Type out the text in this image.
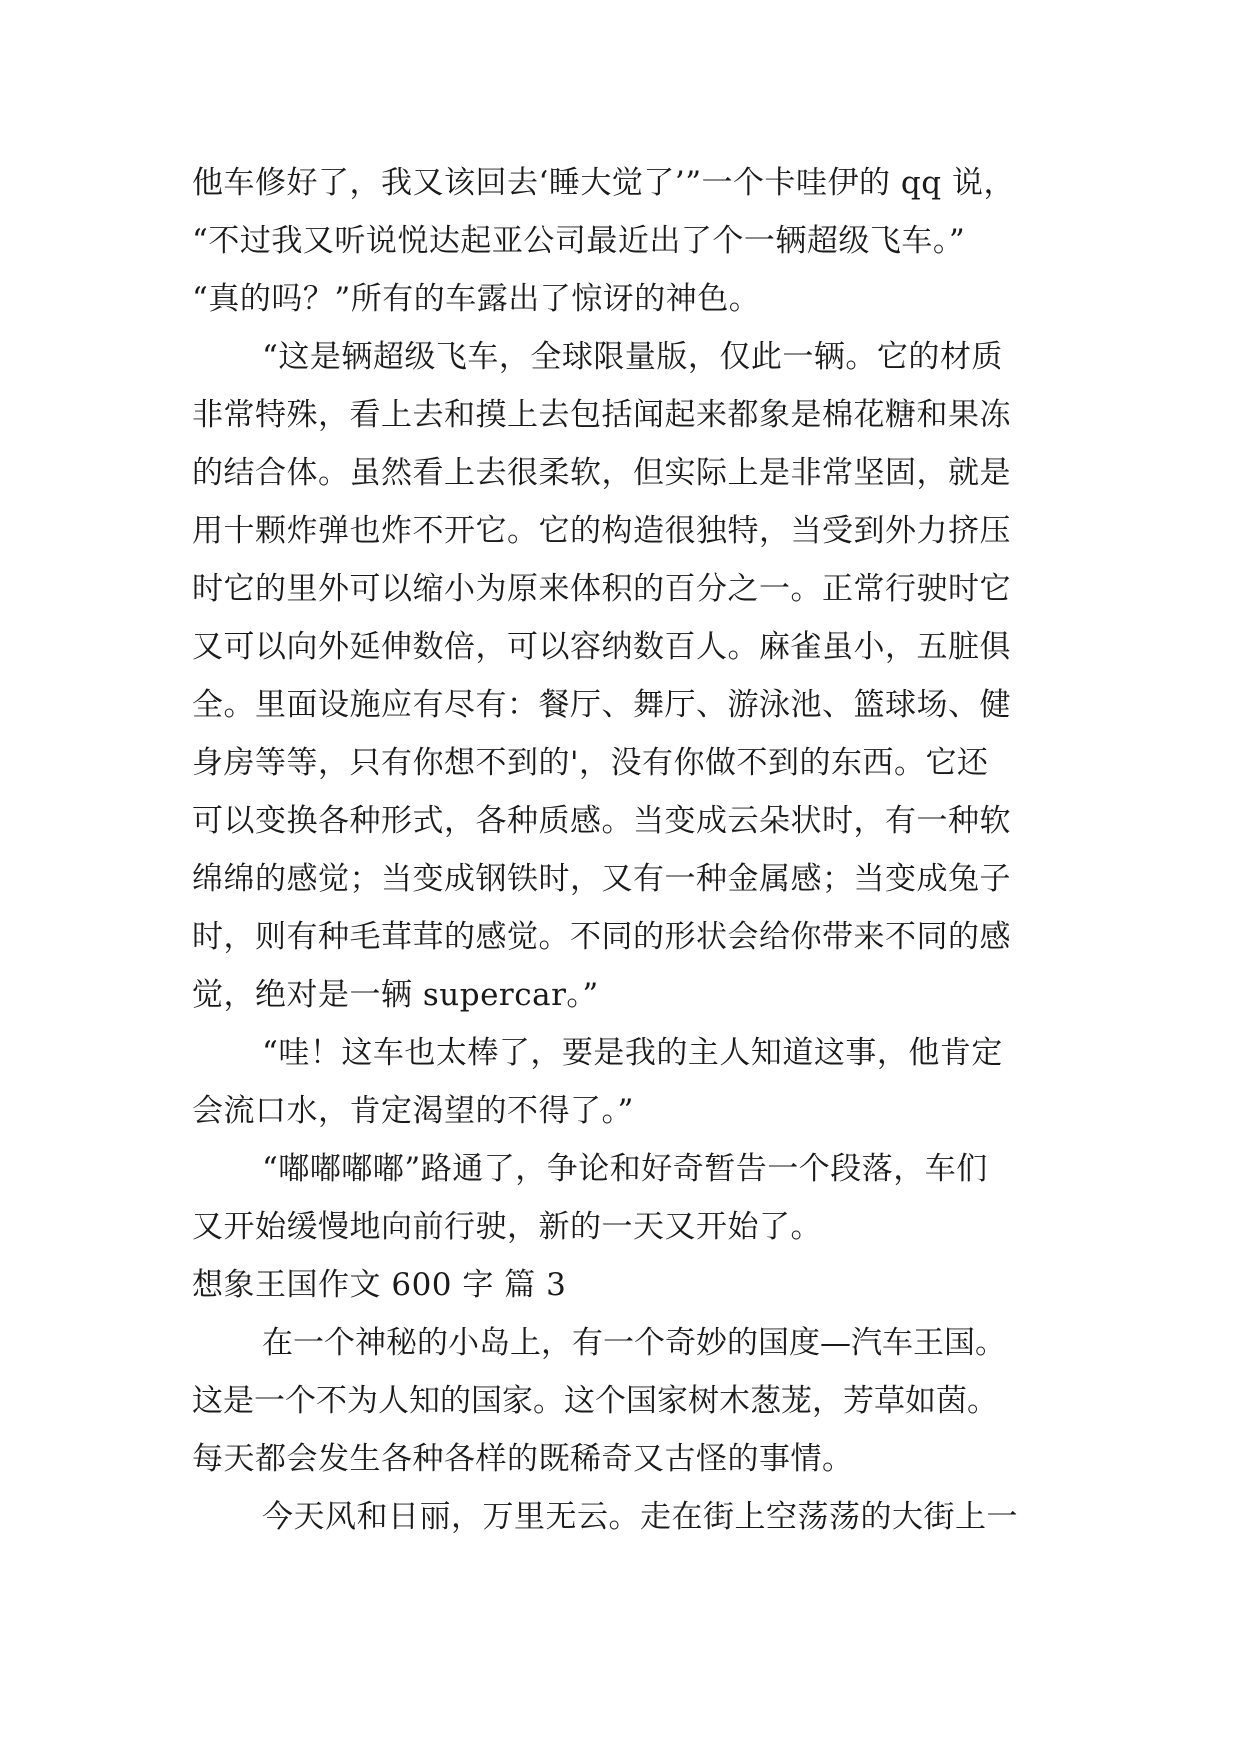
他车修好了，我又该回去‘睡大觉了’”一个卡哇伊的 qq 说，
“不过我又听说悦达起亚公司最近出了个一辆超级飞车。”
“真的吗？”所有的车露出了惊讶的神色。
“这是辆超级飞车，全球限量版，仅此一辆。它的材质
非常特殊，看上去和摸上去包括闻起来都象是棉花糖和果冻
的结合体。虽然看上去很柔软，但实际上是非常坚固，就是
用十颗炸弹也炸不开它。它的构造很独特，当受到外力挤压
时它的里外可以缩小为原来体积的百分之一。正常行驶时它
又可以向外延伸数倍，可以容纳数百人。麻雀虽小，五脏俱
全。里面设施应有尽有：餐厅、舞厅、游泳池、篮球场、健
身房等等，只有你想不到的'，没有你做不到的东西。它还
可以变换各种形式，各种质感。当变成云朵状时，有一种软
绵绵的感觉；当变成钢铁时，又有一种金属感；当变成兔子
时，则有种毛茸茸的感觉。不同的形状会给你带来不同的感
觉，绝对是一辆 supercar。”
“哇！这车也太棒了，要是我的主人知道这事，他肯定
会流口水，肯定渴望的不得了。”
“嘟嘟嘟嘟”路通了，争论和好奇暂告一个段落，车们
又开始缓慢地向前行驶，新的一天又开始了。
想象王国作文 600 字 篇 3
在一个神秘的小岛上，有一个奇妙的国度—汽车王国。
这是一个不为人知的国家。这个国家树木葱茏，芳草如茵。
每天都会发生各种各样的既稀奇又古怪的事情。
今天风和日丽，万里无云。走在街上空荡荡的大街上一
